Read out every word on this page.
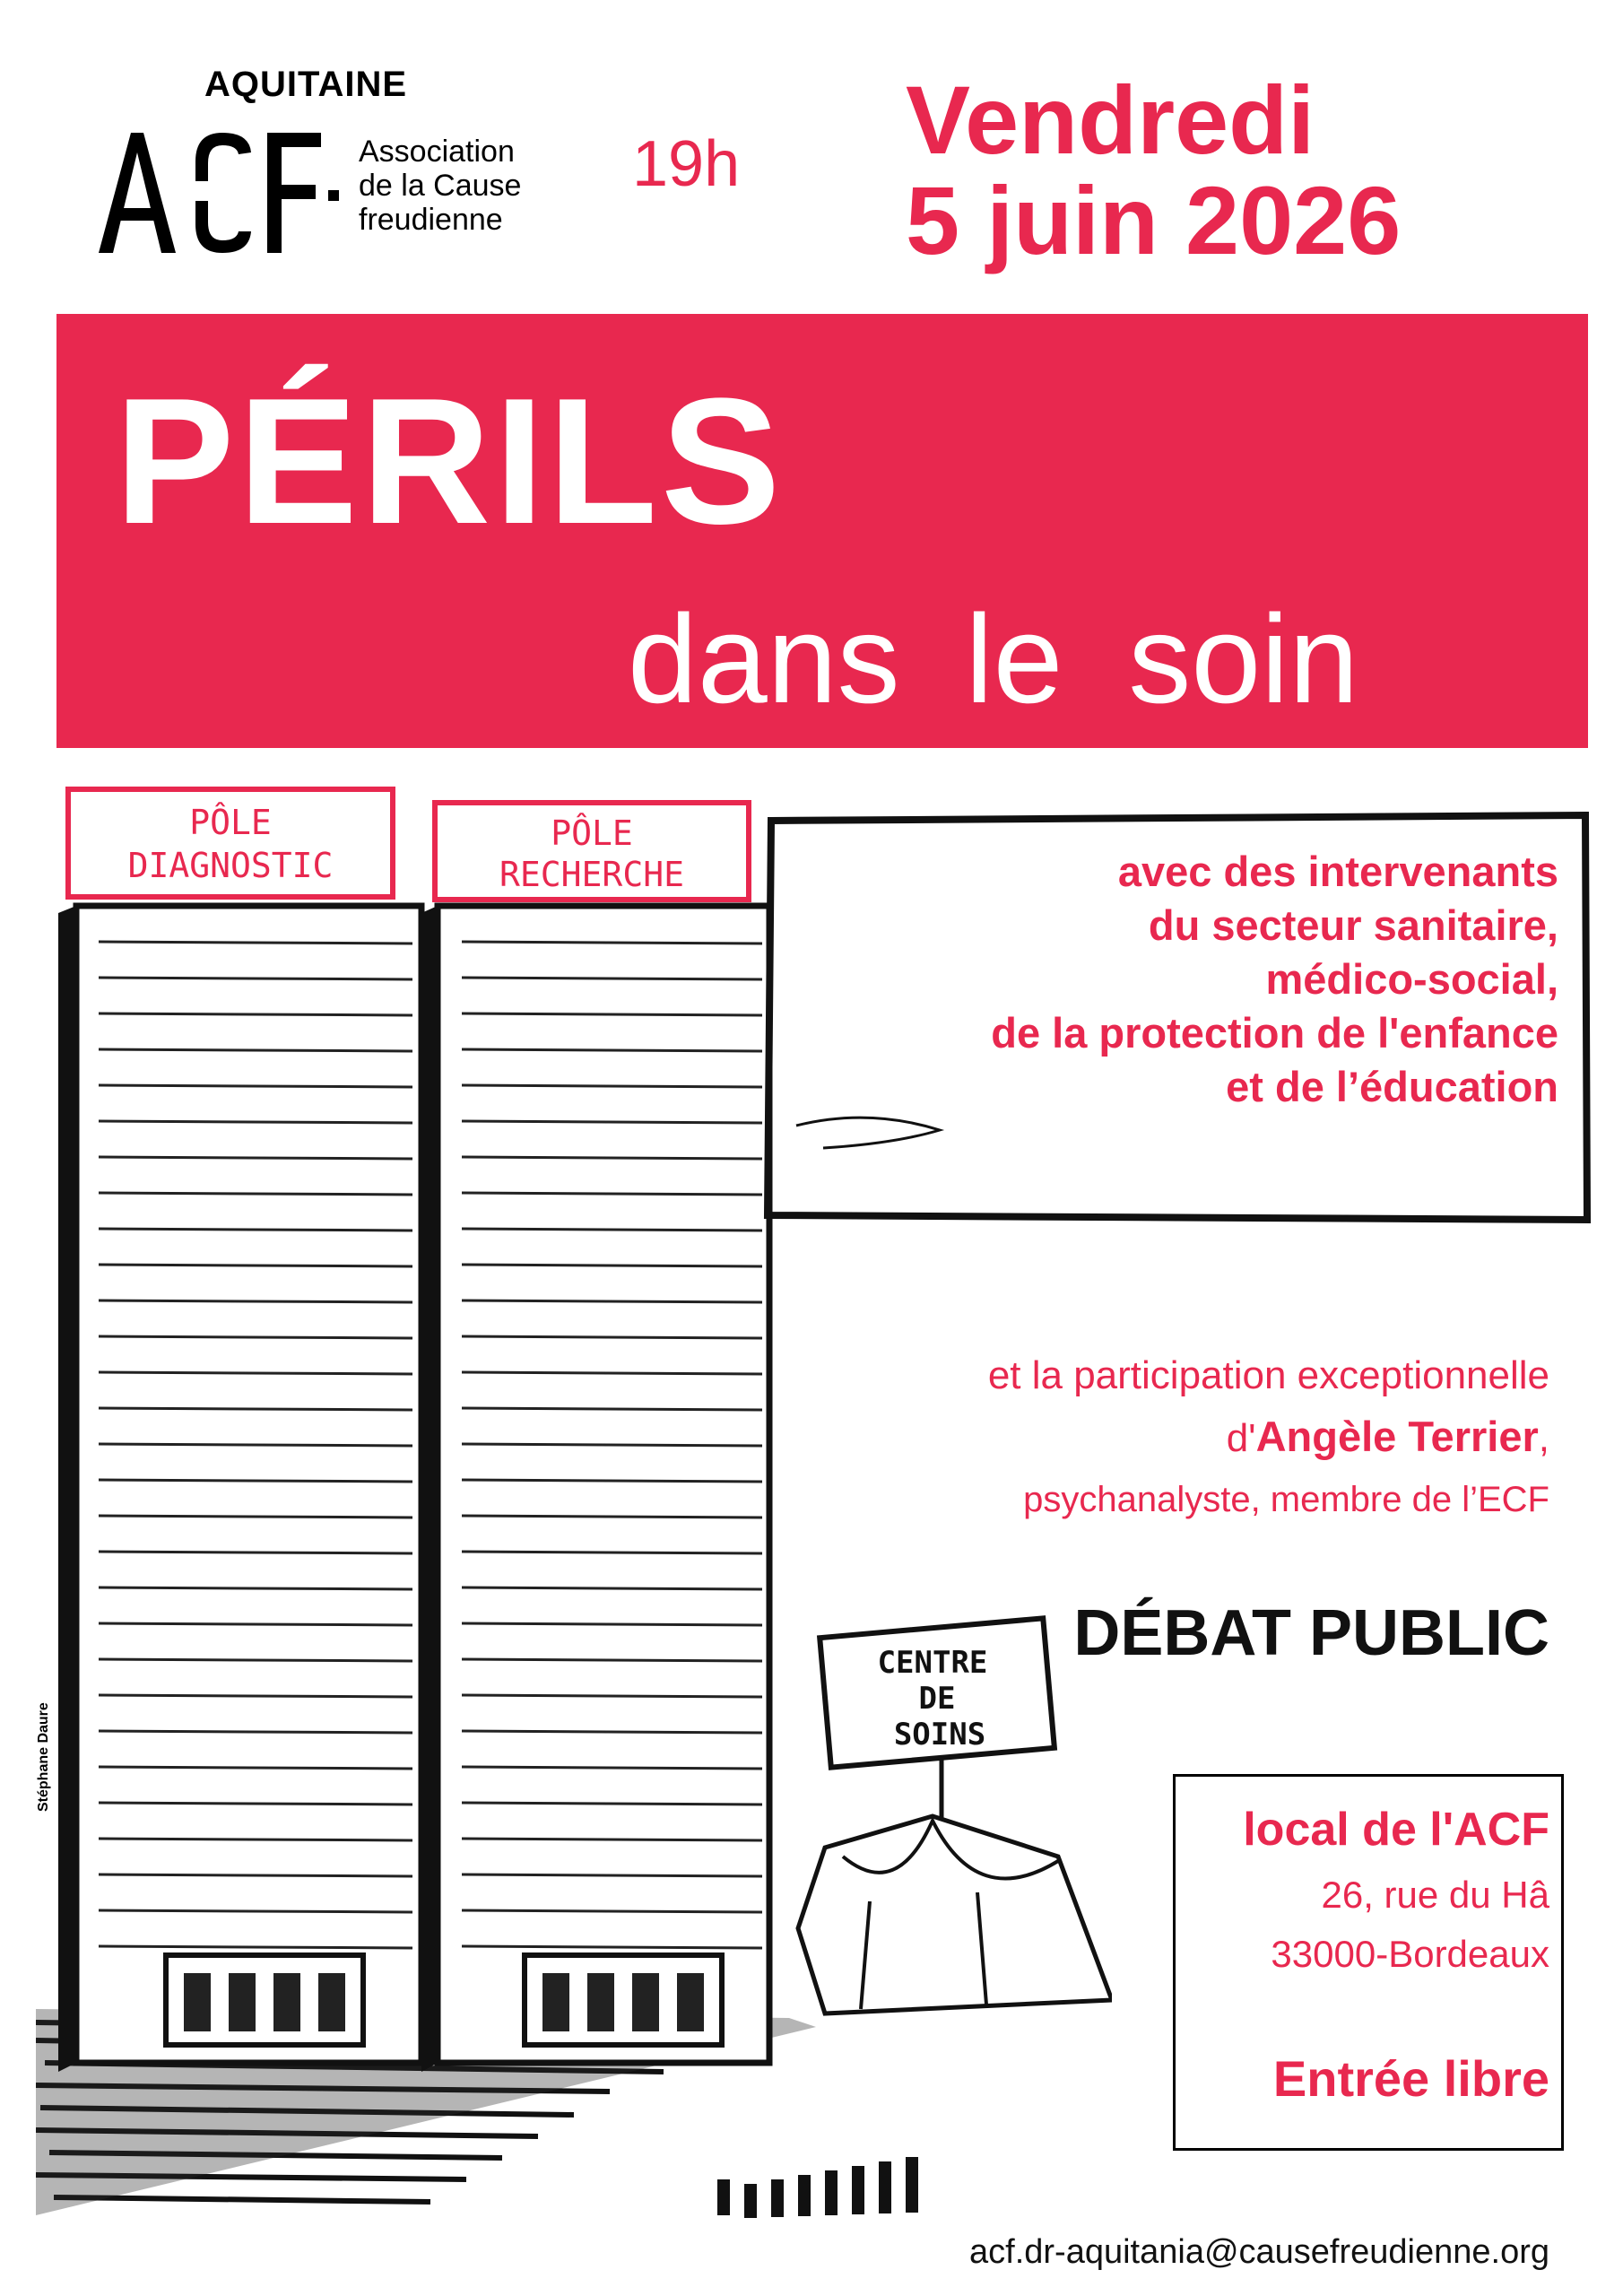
AQUITAINE
Association
de la Cause
freudienne
19h Vendredi
5 juin 2026
PÉRILS
dans le soin
PÔLE
DIAGNOSTIC
PÔLE
RECHERCHE
CENTRE
DE
SOINS
avec des intervenants
du secteur sanitaire,
médico-social,
de la protection de l'enfance
et de l’éducation
et la participation exceptionnelle
d'Angèle Terrier,
psychanalyste, membre de l’ECF
DÉBAT PUBLIC
local de l'ACF
26, rue du Hâ
33000-Bordeaux
Entrée libre
acf.dr-aquitania@causefreudienne.org
Stéphane Daure
